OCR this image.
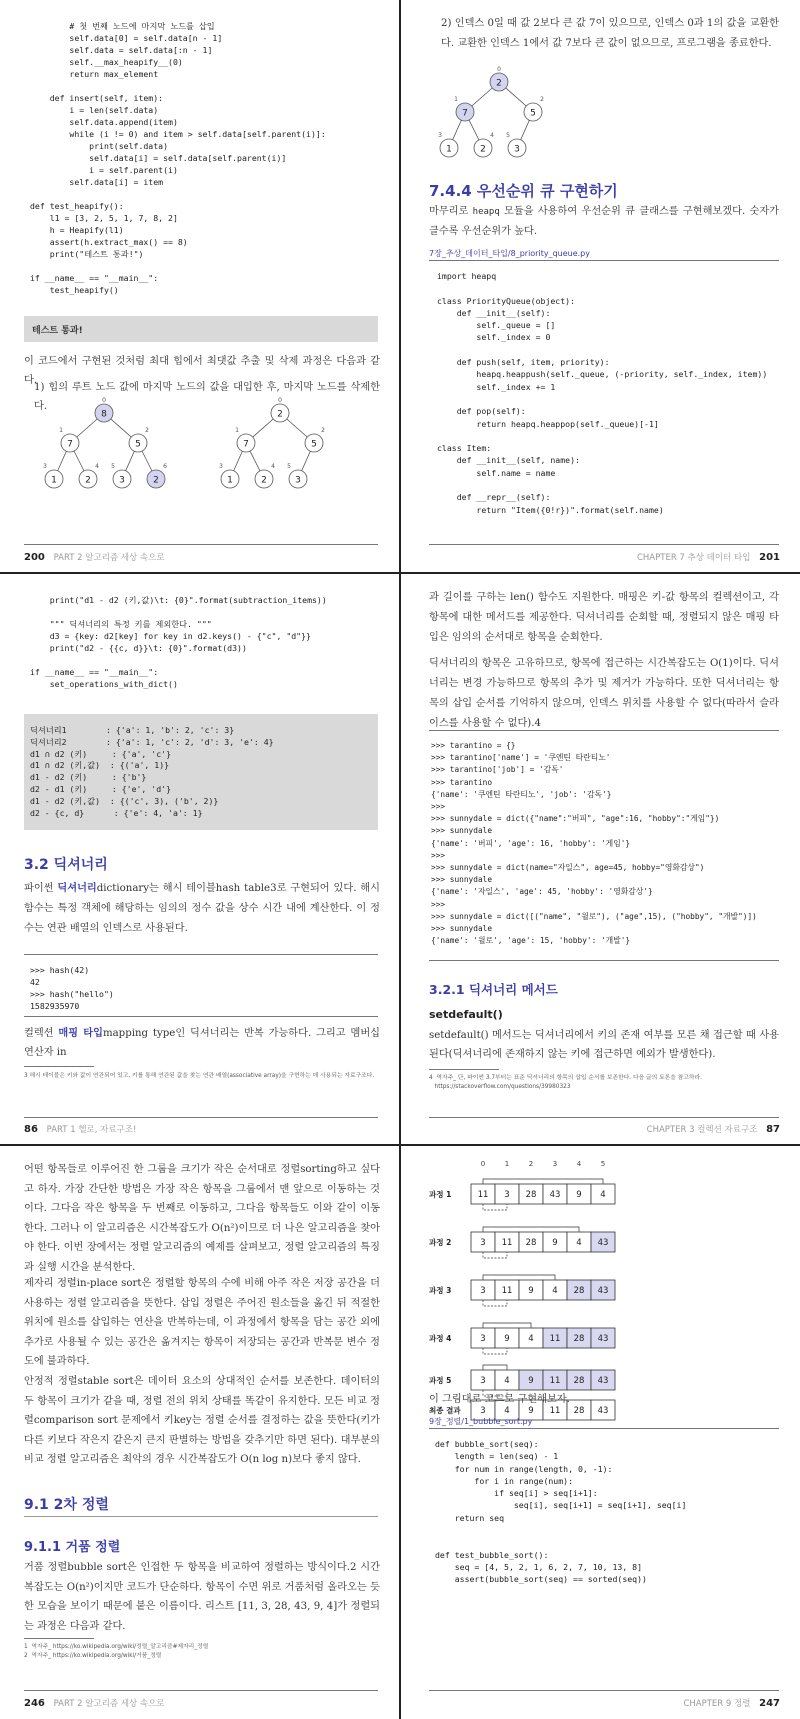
# 첫 번째 노드에 마지막 노드를 삽입
self.data[0] = self.data[n - 1]
self.data = self.data[:n - 1]
self.__max_heapify__(0)
return max_element

def insert(self, item):
i = len(self.data)
self.data.append(item)
while (i != 0) and item > self.data[self.parent(i)]:
print(self.data)
self.data[i] = self.data[self.parent(i)]
i = self.parent(i)
self.data[i] = item

def test_heapify():
l1 = [3, 2, 5, 1, 7, 8, 2]
h = Heapify(l1)
assert(h.extract_max() == 8)
print("테스트 통과!")

if __name__ == "__main__":
test_heapify()
테스트 통과!

이 코드에서 구현된 것처럼 최대 힙에서 최댓값 추출 및 삭제 과정은 다음과 같다.

1) 힙의 루트 노드 값에 마지막 노드의 값을 대입한 후, 마지막 노드를 삭제한다.

8
0
7
1
5
2
1
3
2
4
3
5
2
6
2
0
7
1
5
2
1
3
2
4
3
5
200 PART 2 알고리즘 세상 속으로

2) 인덱스 0일 때 값 2보다 큰 값 7이 있으므로, 인덱스 0과 1의 값을 교환한다. 교환한 인덱스 1에서 값 7보다 큰 값이 없으므로, 프로그램을 종료한다.

2
0
7
1
5
2
1
3
2
4
3
5
7.4.4 우선순위 큐 구현하기

마무리로 heapq 모듈을 사용하여 우선순위 큐 클래스를 구현해보겠다. 숫자가 클수록 우선순위가 높다.

7장_추상_데이터_타입/8_priority_queue.py
import heapq

class PriorityQueue(object):
def __init__(self):
self._queue = []
self._index = 0

def push(self, item, priority):
heapq.heappush(self._queue, (-priority, self._index, item))
self._index += 1

def pop(self):
return heapq.heappop(self._queue)[-1]

class Item:
def __init__(self, name):
self.name = name

def __repr__(self):
return "Item({0!r})".format(self.name)
CHAPTER 7 추상 데이터 타입 201
print("d1 - d2 (키,값)\t: {0}".format(subtraction_items))

""" 딕셔너리의 특정 키를 제외한다. """
d3 = {key: d2[key] for key in d2.keys() - {"c", "d"}}
print("d2 - {{c, d}}\t: {0}".format(d3))

if __name__ == "__main__":
set_operations_with_dict()
딕셔너리1        : {'a': 1, 'b': 2, 'c': 3}
딕셔너리2        : {'a': 1, 'c': 2, 'd': 3, 'e': 4}
d1 ∩ d2 (키)     : {'a', 'c'}
d1 ∩ d2 (키,값)  : {('a', 1)}
d1 - d2 (키)     : {'b'}
d2 - d1 (키)     : {'e', 'd'}
d1 - d2 (키,값)  : {('c', 3), ('b', 2)}
d2 - {c, d}      : {'e': 4, 'a': 1}
3.2 딕셔너리

파이썬 딕셔너리dictionary는 해시 테이블hash table3로 구현되어 있다. 해시 함수는 특정 객체에 해당하는 임의의 정수 값을 상수 시간 내에 계산한다. 이 정수는 연관 배열의 인덱스로 사용된다.

>>> hash(42)
42
>>> hash("hello")
1582935970

컬렉션 매핑 타입mapping type인 딕셔너리는 반복 가능하다. 그리고 멤버십 연산자 in

3 해시 테이블은 키와 값이 연관되어 있고, 키를 통해 연관된 값을 찾는 연관 배열(associative array)을 구현하는 데 사용되는 자료구조다.
86 PART 1 헬로, 자료구조!

과 길이를 구하는 len() 함수도 지원한다. 매핑은 키-값 항목의 컬렉션이고, 각 항목에 대한 메서드를 제공한다. 딕셔너리를 순회할 때, 정렬되지 않은 매핑 타입은 임의의 순서대로 항목을 순회한다.

딕셔너리의 항목은 고유하므로, 항목에 접근하는 시간복잡도는 O(1)이다. 딕셔너리는 변경 가능하므로 항목의 추가 및 제거가 가능하다. 또한 딕셔너리는 항목의 삽입 순서를 기억하지 않으며, 인덱스 위치를 사용할 수 없다(따라서 슬라이스를 사용할 수 없다).4

>>> tarantino = {}
>>> tarantino['name'] = '쿠엔틴 타란티노'
>>> tarantino['job'] = '감독'
>>> tarantino
{'name': '쿠엔틴 타란티노', 'job': '감독'}
>>>
>>> sunnydale = dict({"name":"버피", "age":16, "hobby":"게임"})
>>> sunnydale
{'name': '버피', 'age': 16, 'hobby': '게임'}
>>>
>>> sunnydale = dict(name="자일스", age=45, hobby="영화감상")
>>> sunnydale
{'name': '자일스', 'age': 45, 'hobby': '영화감상'}
>>>
>>> sunnydale = dict([("name", "윌로"), ("age",15), ("hobby", "개발")])
>>> sunnydale
{'name': '윌로', 'age': 15, 'hobby': '개발'}
3.2.1 딕셔너리 메서드
setdefault()

setdefault() 메서드는 딕셔너리에서 키의 존재 여부를 모른 채 접근할 때 사용된다(딕셔너리에 존재하지 않는 키에 접근하면 예외가 발생한다).

4  역자주_ 단, 파이썬 3.7부터는 표준 딕셔너리의 항목의 삽입 순서를 보존한다. 다음 글의 토론을 참고하라.
https://stackoverflow.com/questions/39980323
CHAPTER 3 컬렉션 자료구조 87

어떤 항목들로 이루어진 한 그룹을 크기가 작은 순서대로 정렬sorting하고 싶다고 하자. 가장 간단한 방법은 가장 작은 항목을 그룹에서 맨 앞으로 이동하는 것이다. 그다음 작은 항목을 두 번째로 이동하고, 그다음 항목들도 이와 같이 이동한다. 그러나 이 알고리즘은 시간복잡도가 O(n²)이므로 더 나은 알고리즘을 찾아야 한다. 이번 장에서는 정렬 알고리즘의 예제를 살펴보고, 정렬 알고리즘의 특징과 실행 시간을 분석한다.

제자리 정렬in-place sort은 정렬할 항목의 수에 비해 아주 작은 저장 공간을 더 사용하는 정렬 알고리즘을 뜻한다. 삽입 정렬은 주어진 원소들을 옮긴 뒤 적절한 위치에 원소를 삽입하는 연산을 반복하는데, 이 과정에서 항목을 담는 공간 외에 추가로 사용될 수 있는 공간은 옮겨지는 항목이 저장되는 공간과 반복문 변수 정도에 불과하다.

안정적 정렬stable sort은 데이터 요소의 상대적인 순서를 보존한다. 데이터의 두 항목이 크기가 같을 때, 정렬 전의 위치 상태를 똑같이 유지한다. 모든 비교 정렬comparison sort 문제에서 키key는 정렬 순서를 결정하는 값을 뜻한다(키가 다른 키보다 작은지 같은지 큰지 판별하는 방법을 갖추기만 하면 된다). 대부분의 비교 정렬 알고리즘은 최악의 경우 시간복잡도가 O(n log n)보다 좋지 않다.

9.1 2차 정렬
9.1.1 거품 정렬

거품 정렬bubble sort은 인접한 두 항목을 비교하여 정렬하는 방식이다.2 시간복잡도는 O(n²)이지만 코드가 단순하다. 항목이 수면 위로 거품처럼 올라오는 듯한 모습을 보이기 때문에 붙은 이름이다. 리스트 [11, 3, 28, 43, 9, 4]가 정렬되는 과정은 다음과 같다.

1  역자주_ https://ko.wikipedia.org/wiki/정렬_알고리즘#제자리_정렬
2  역자주_ https://ko.wikipedia.org/wiki/거품_정렬
246 PART 2 알고리즘 세상 속으로
0	1	2	3	4	5
과정 1	11 3 28 43 9 4
과정 2	3 11 28 9 4 43
과정 3	3 11 9 4 28 43
과정 4	3 9 4 11 28 43
과정 5	3 4 9 11 28 43
최종 결과 3 4 9 11 28 43

이 그림대로 코드로 구현해보자.

9장_정렬/1_bubble_sort.py
def bubble_sort(seq):
length = len(seq) - 1
for num in range(length, 0, -1):
for i in range(num):
if seq[i] > seq[i+1]:
seq[i], seq[i+1] = seq[i+1], seq[i]
return seq

def test_bubble_sort():
seq = [4, 5, 2, 1, 6, 2, 7, 10, 13, 8]
assert(bubble_sort(seq) == sorted(seq))
CHAPTER 9 정렬 247
